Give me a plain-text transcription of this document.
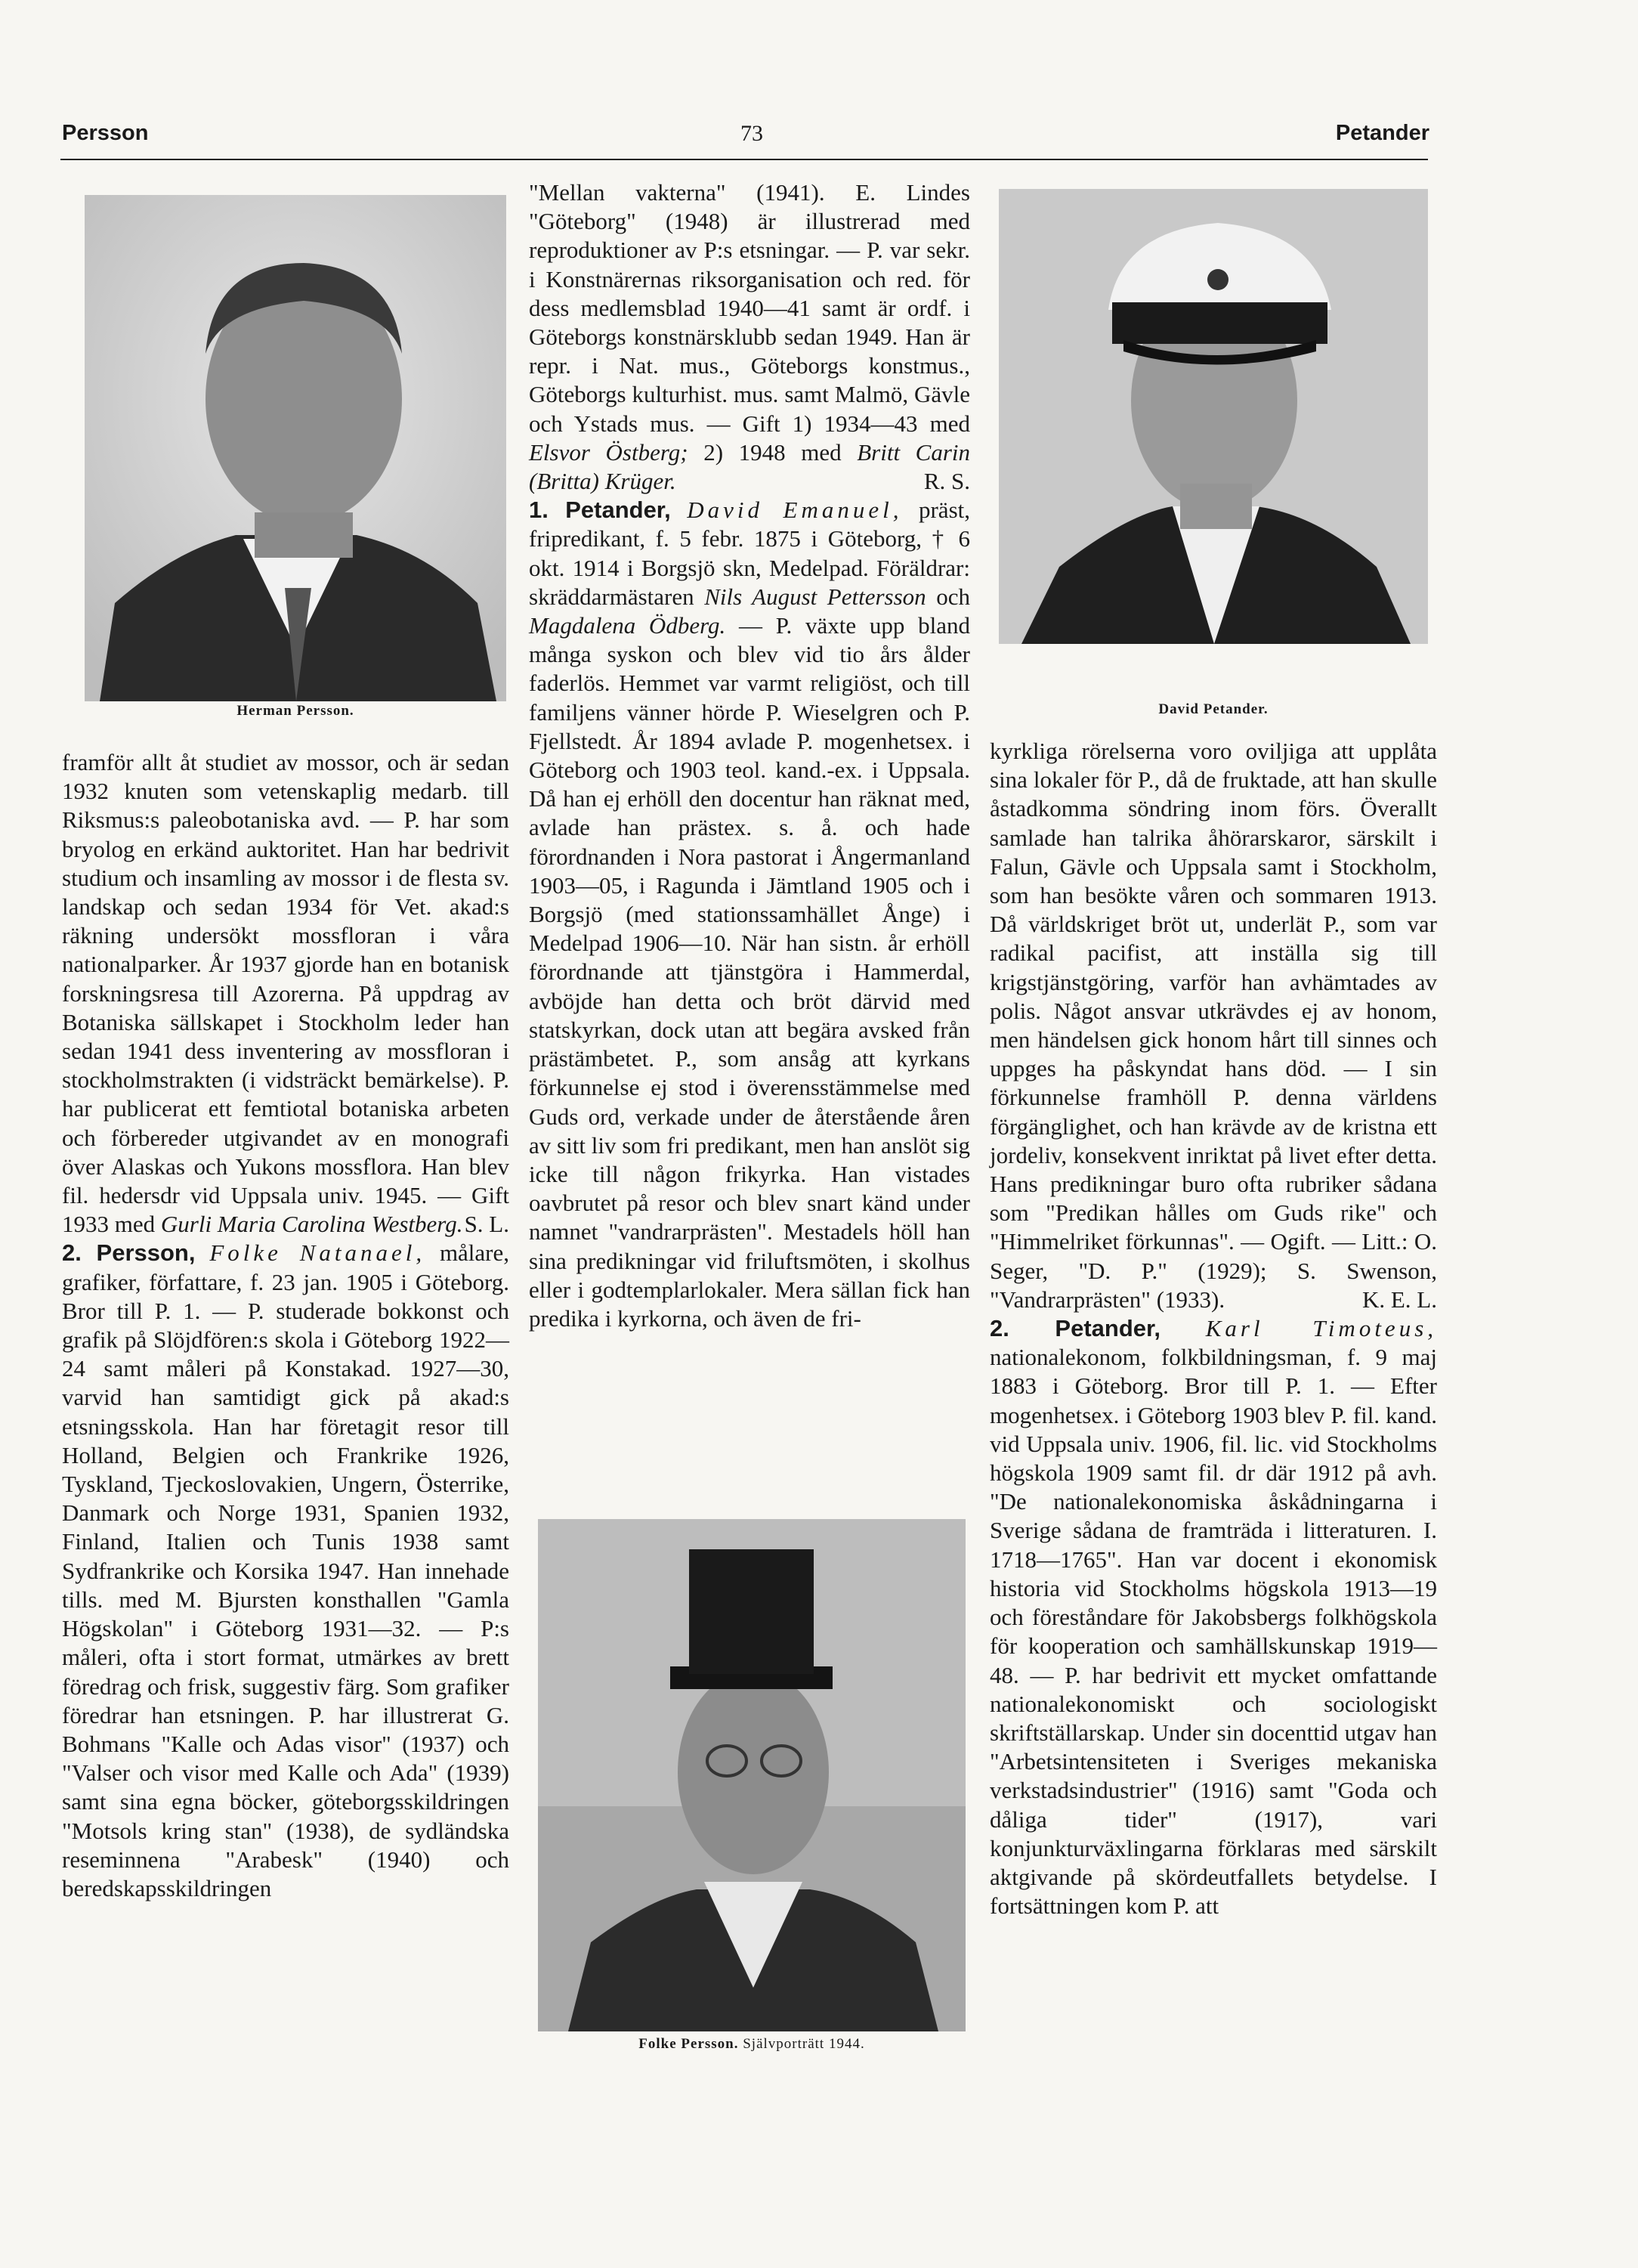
Persson	73	Petander
Herman Persson.	David Petander.
Folke Persson. Självporträtt 1944.

framför allt åt studiet av mossor, och är sedan 1932 knuten som vetenskaplig medarb. till Riksmus:s paleobotaniska avd. — P. har som bryolog en erkänd auktoritet. Han har bedrivit studium och insamling av mossor i de flesta sv. landskap och sedan 1934 för Vet. akad:s räkning undersökt mossfloran i våra nationalparker. År 1937 gjorde han en botanisk forskningsresa till Azorerna. På uppdrag av Botaniska sällskapet i Stockholm leder han sedan 1941 dess inventering av mossfloran i stockholmstrakten (i vidsträckt bemärkelse). P. har publicerat ett femtiotal botaniska arbeten och förbereder utgivandet av en monografi över Alaskas och Yukons mossflora. Han blev fil. hedersdr vid Uppsala univ. 1945. — Gift 1933 med Gurli Maria Carolina Westberg. S. L.

2. Persson, Folke Natanael, målare, grafiker, författare, f. 23 jan. 1905 i Göteborg. Bror till P. 1. — P. studerade bokkonst och grafik på Slöjdfören:s skola i Göteborg 1922—24 samt måleri på Konstakad. 1927—30, varvid han samtidigt gick på akad:s etsningsskola. Han har företagit resor till Holland, Belgien och Frankrike 1926, Tyskland, Tjeckoslovakien, Ungern, Österrike, Danmark och Norge 1931, Spanien 1932, Finland, Italien och Tunis 1938 samt Sydfrankrike och Korsika 1947. Han innehade tills. med M. Bjursten konsthallen "Gamla Högskolan" i Göteborg 1931—32. — P:s måleri, ofta i stort format, utmärkes av brett föredrag och frisk, suggestiv färg. Som grafiker föredrar han etsningen. P. har illustrerat G. Bohmans "Kalle och Adas visor" (1937) och "Valser och visor med Kalle och Ada" (1939) samt sina egna böcker, göteborgsskildringen "Motsols kring stan" (1938), de sydländska reseminnena "Arabesk" (1940) och beredskapsskildringen

"Mellan vakterna" (1941). E. Lindes "Göteborg" (1948) är illustrerad med reproduktioner av P:s etsningar. — P. var sekr. i Konstnärernas riksorganisation och red. för dess medlemsblad 1940—41 samt är ordf. i Göteborgs konstnärsklubb sedan 1949. Han är repr. i Nat. mus., Göteborgs konstmus., Göteborgs kulturhist. mus. samt Malmö, Gävle och Ystads mus. — Gift 1) 1934—43 med Elsvor Östberg; 2) 1948 med Britt Carin (Britta) Krüger.	R. S.

1. Petander, David Emanuel, präst, fripredikant, f. 5 febr. 1875 i Göteborg, † 6 okt. 1914 i Borgsjö skn, Medelpad. Föräldrar: skräddarmästaren Nils August Pettersson och Magdalena Ödberg. — P. växte upp bland många syskon och blev vid tio års ålder faderlös. Hemmet var varmt religiöst, och till familjens vänner hörde P. Wieselgren och P. Fjellstedt. År 1894 avlade P. mogenhetsex. i Göteborg och 1903 teol. kand.-ex. i Uppsala. Då han ej erhöll den docentur han räknat med, avlade han prästex. s. å. och hade förordnanden i Nora pastorat i Ångermanland 1903—05, i Ragunda i Jämtland 1905 och i Borgsjö (med stationssamhället Ånge) i Medelpad 1906—10. När han sistn. år erhöll förordnande att tjänstgöra i Hammerdal, avböjde han detta och bröt därvid med statskyrkan, dock utan att begära avsked från prästämbetet. P., som ansåg att kyrkans förkunnelse ej stod i överensstämmelse med Guds ord, verkade under de återstående åren av sitt liv som fri predikant, men han anslöt sig icke till någon frikyrka. Han vistades oavbrutet på resor och blev snart känd under namnet "vandrarprästen". Mestadels höll han sina predikningar vid friluftsmöten, i skolhus eller i godtemplarlokaler. Mera sällan fick han predika i kyrkorna, och även de fri-

kyrkliga rörelserna voro oviljiga att upplåta sina lokaler för P., då de fruktade, att han skulle åstadkomma söndring inom förs. Överallt samlade han talrika åhörarskaror, särskilt i Falun, Gävle och Uppsala samt i Stockholm, som han besökte våren och sommaren 1913. Då världskriget bröt ut, underlät P., som var radikal pacifist, att inställa sig till krigstjänstgöring, varför han avhämtades av polis. Något ansvar utkrävdes ej av honom, men händelsen gick honom hårt till sinnes och uppges ha påskyndat hans död. — I sin förkunnelse framhöll P. denna världens förgänglighet, och han krävde av de kristna ett jordeliv, konsekvent inriktat på livet efter detta. Hans predikningar buro ofta rubriker sådana som "Predikan hålles om Guds rike" och "Himmelriket förkunnas". — Ogift. — Litt.: O. Seger, "D. P." (1929); S. Swenson, "Vandrarprästen" (1933).	K. E. L.

2. Petander, Karl Timoteus, nationalekonom, folkbildningsman, f. 9 maj 1883 i Göteborg. Bror till P. 1. — Efter mogenhetsex. i Göteborg 1903 blev P. fil. kand. vid Uppsala univ. 1906, fil. lic. vid Stockholms högskola 1909 samt fil. dr där 1912 på avh. "De nationalekonomiska åskådningarna i Sverige sådana de framträda i litteraturen. I. 1718—1765". Han var docent i ekonomisk historia vid Stockholms högskola 1913—19 och föreståndare för Jakobsbergs folkhögskola för kooperation och samhällskunskap 1919—48. — P. har bedrivit ett mycket omfattande nationalekonomiskt och sociologiskt skriftställarskap. Under sin docenttid utgav han "Arbetsintensiteten i Sveriges mekaniska verkstadsindustrier" (1916) samt "Goda och dåliga tider" (1917), vari konjunkturväxlingarna förklaras med särskilt aktgivande på skördeutfallets betydelse. I fortsättningen kom P. att
